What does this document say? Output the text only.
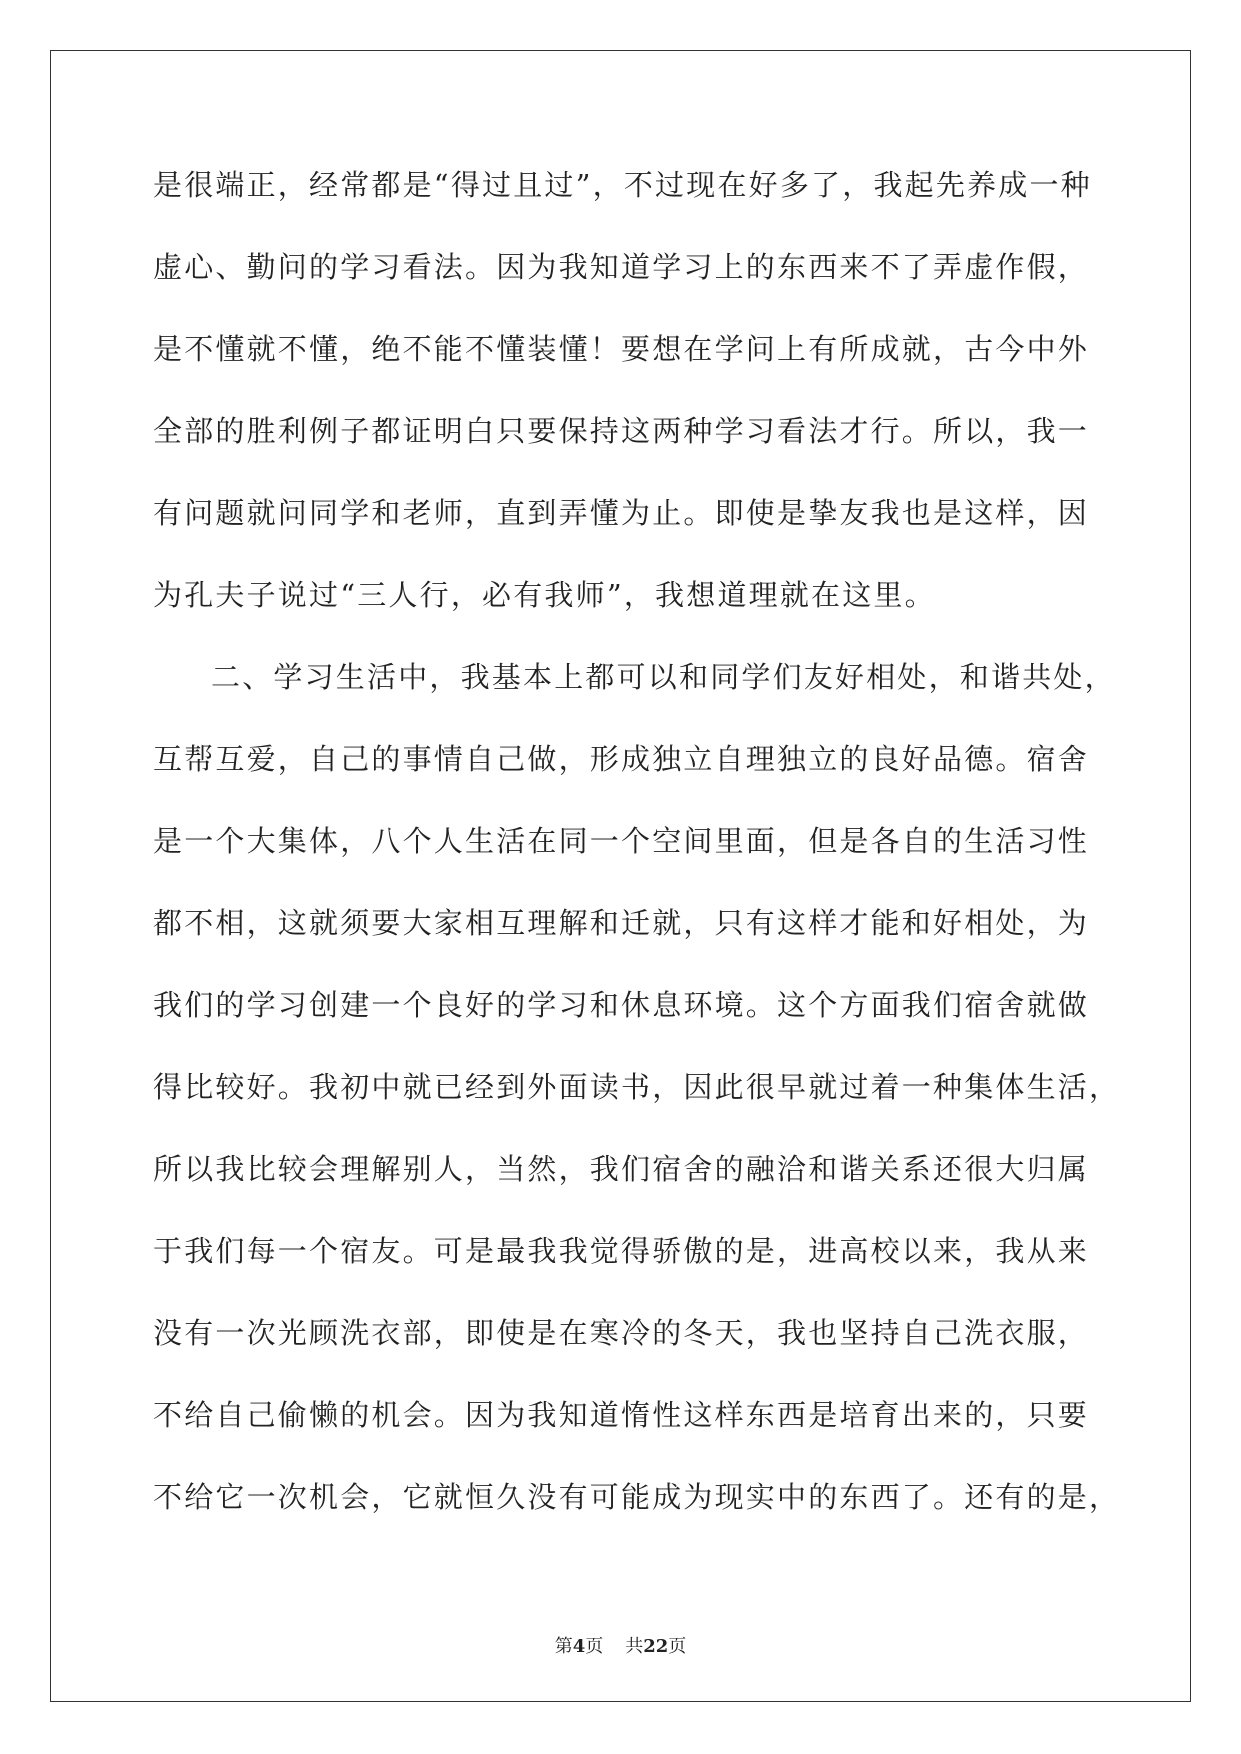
是很端正，经常都是“得过且过”，不过现在好多了，我起先养成一种
虚心、勤问的学习看法。因为我知道学习上的东西来不了弄虚作假，
是不懂就不懂，绝不能不懂装懂！要想在学问上有所成就，古今中外
全部的胜利例子都证明白只要保持这两种学习看法才行。所以，我一
有问题就问同学和老师，直到弄懂为止。即使是挚友我也是这样，因
为孔夫子说过“三人行，必有我师”，我想道理就在这里。
二、学习生活中，我基本上都可以和同学们友好相处，和谐共处，
互帮互爱，自己的事情自己做，形成独立自理独立的良好品德。宿舍
是一个大集体，八个人生活在同一个空间里面，但是各自的生活习性
都不相，这就须要大家相互理解和迁就，只有这样才能和好相处，为
我们的学习创建一个良好的学习和休息环境。这个方面我们宿舍就做
得比较好。我初中就已经到外面读书，因此很早就过着一种集体生活，
所以我比较会理解别人，当然，我们宿舍的融洽和谐关系还很大归属
于我们每一个宿友。可是最我我觉得骄傲的是，进高校以来，我从来
没有一次光顾洗衣部，即使是在寒冷的冬天，我也坚持自己洗衣服，
不给自己偷懒的机会。因为我知道惰性这样东西是培育出来的，只要
不给它一次机会，它就恒久没有可能成为现实中的东西了。还有的是，
第4页 共22页
